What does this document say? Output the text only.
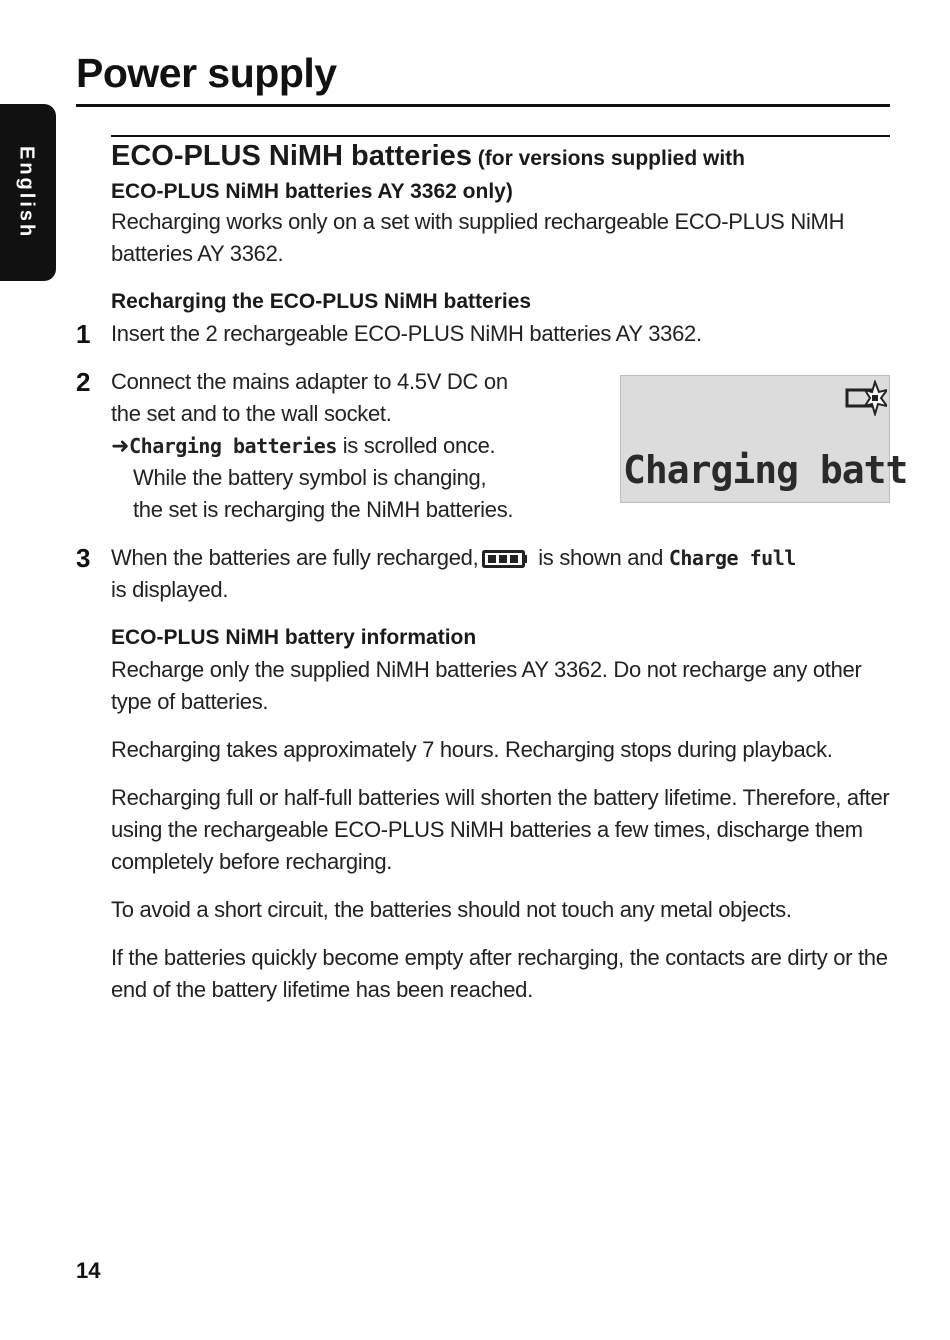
Power supply
English	ECO-PLUS NiMH batteries (for versions supplied with

ECO-PLUS NiMH batteries AY 3362 only)

Recharging works only on a set with supplied rechargeable ECO-PLUS NiMH batteries AY 3362.

Recharging the ECO-PLUS NiMH batteries

1 Insert the 2 rechargeable ECO-PLUS NiMH batteries AY 3362.

2 Connect the mains adapter to 4.5V DC on

the set and to the wall socket.

➜Charging batteries is scrolled once.

While the battery symbol is changing,

the set is recharging the NiMH batteries.

Charging batt
3 When the batteries are fully recharged, is shown and Charge full

is displayed.

ECO-PLUS NiMH battery information

Recharge only the supplied NiMH batteries AY 3362. Do not recharge any other type of batteries.

Recharging takes approximately 7 hours. Recharging stops during playback.

Recharging full or half-full batteries will shorten the battery lifetime. Therefore, after using the rechargeable ECO-PLUS NiMH batteries a few times, discharge them completely before recharging.

To avoid a short circuit, the batteries should not touch any metal objects.

If the batteries quickly become empty after recharging, the contacts are dirty or the end of the battery lifetime has been reached.

14
